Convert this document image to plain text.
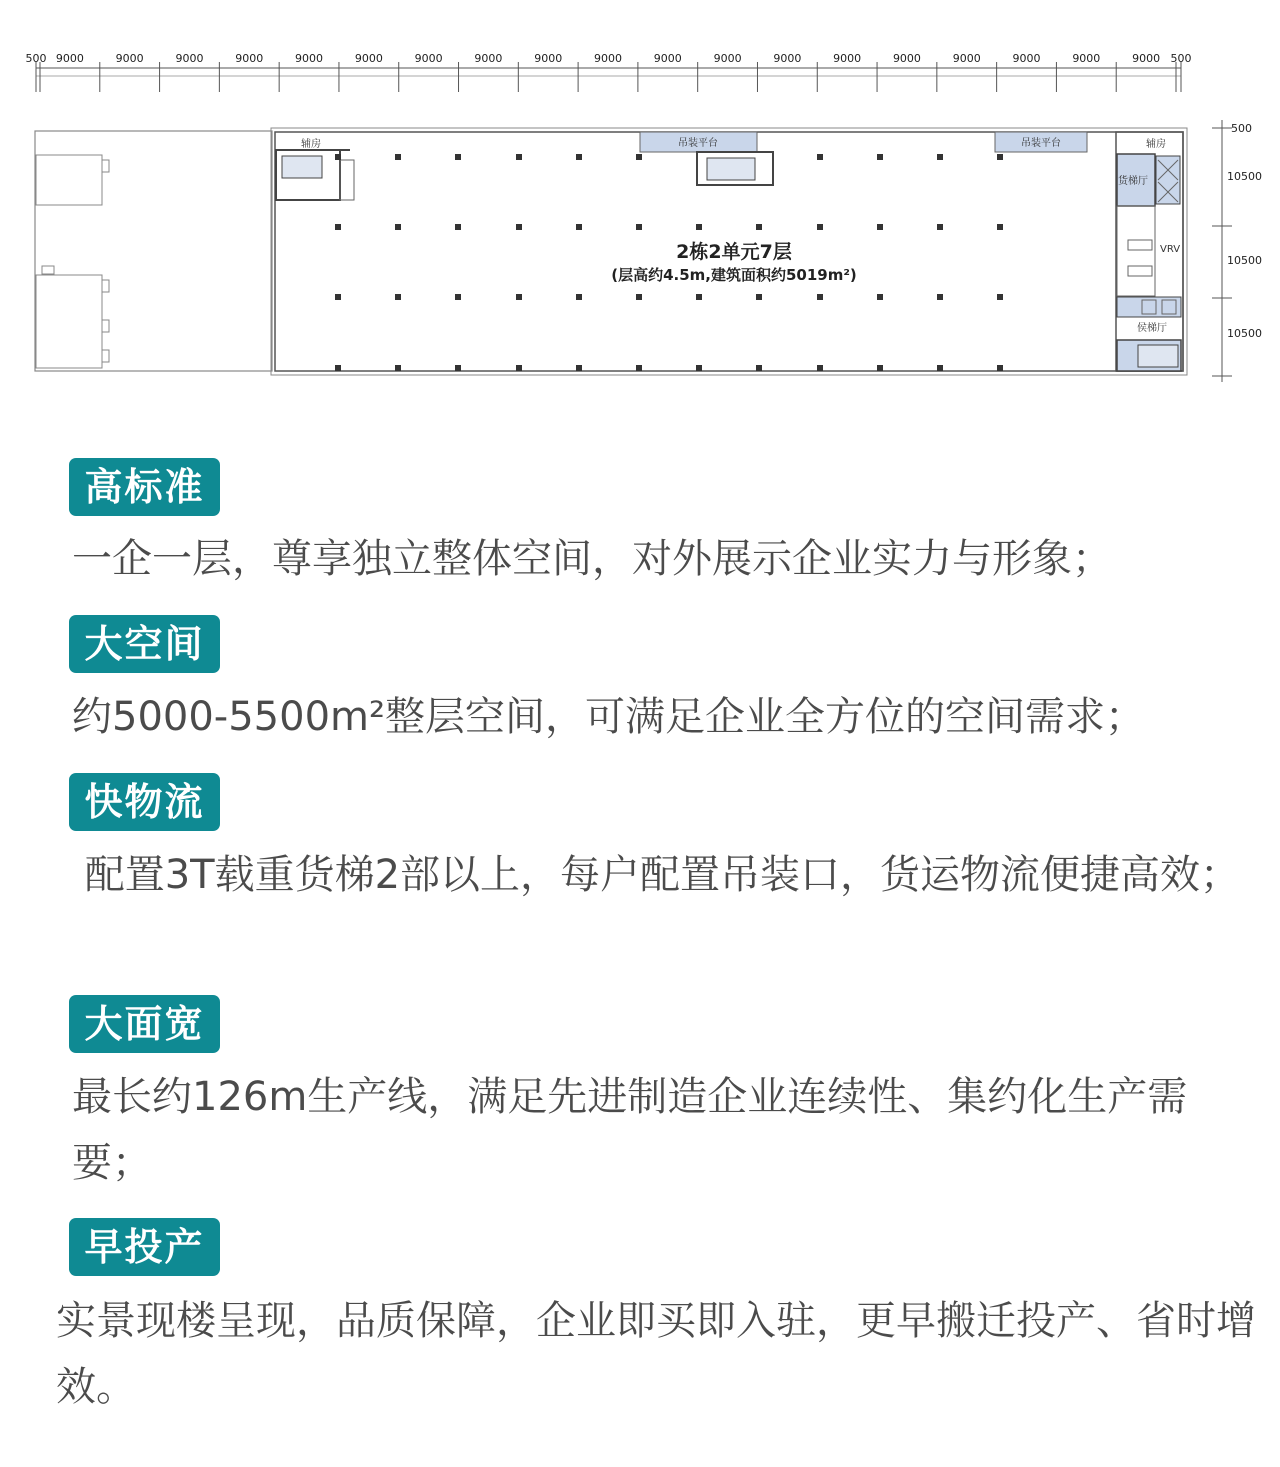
500 9000	9000	9000	9000	9000	9000	9000	9000	9000	9000	9000	9000	9000	9000	9000	9000	9000	9000	9000 500
500
10500
10500
10500
辅房	吊装平台	吊装平台	辅房
货梯厅
VRV
侯梯厅
2栋2单元7层
(层高约4.5m,建筑面积约5019m²)
高标准
一企一层，尊享独立整体空间，对外展示企业实力与形象；
大空间
约5000-5500m²整层空间，可满足企业全方位的空间需求；
快物流
配置3T载重货梯2部以上，每户配置吊装口，货运物流便捷高效；
大面宽
最长约126m生产线，满足先进制造企业连续性、集约化生产需要；
早投产
实景现楼呈现，品质保障，企业即买即入驻，更早搬迁投产、省时增效。
